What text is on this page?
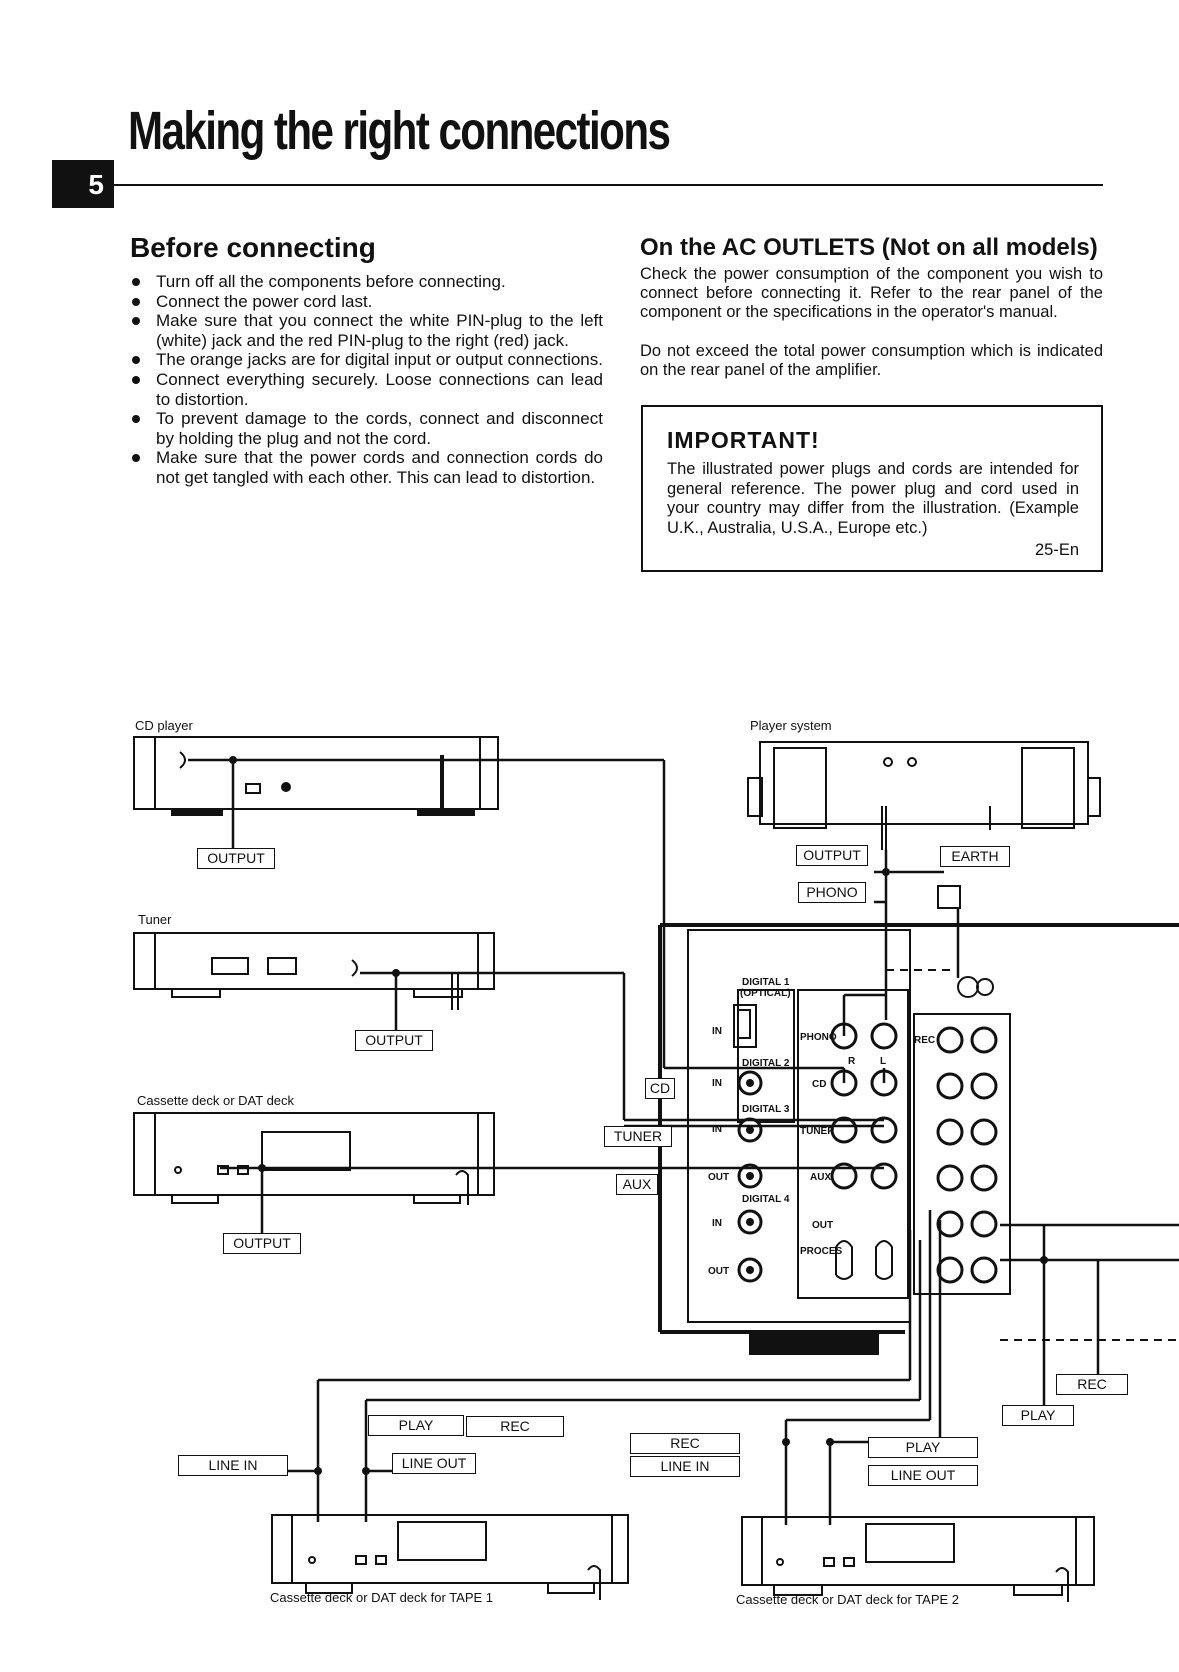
Making the right connections
5
Before connecting
Turn off all the components before connecting.
Connect the power cord last.
Make sure that you connect the white PIN-plug to the left (white) jack and the red PIN-plug to the right (red) jack.
The orange jacks are for digital input or output connections.
Connect everything securely. Loose connections can lead to distortion.
To prevent damage to the cords, connect and disconnect by holding the plug and not the cord.
Make sure that the power cords and connection cords do not get tangled with each other. This can lead to distortion.
On the AC OUTLETS (Not on all models)
Check the power consumption of the component you wish to connect before connecting it. Refer to the rear panel of the component or the specifications in the operator's manual.
Do not exceed the total power consumption which is indicated on the rear panel of the amplifier.
IMPORTANT!
The illustrated power plugs and cords are intended for general reference. The power plug and cord used in your country may differ from the illustration. (Example U.K., Australia, U.S.A., Europe etc.)
25-En
CD player	Player system
Tuner
Cassette deck or DAT deck
Cassette deck or DAT deck for TAPE 1	Cassette deck or DAT deck for TAPE 2
DIGITAL 1
(OPTICAL)
DIGITAL 2
DIGITAL 3
DIGITAL 4
IN
IN
IN
OUT
IN
OUT
PHONO
CD
TUNER
AUX
OUT
PROCES
REC
R L
OUTPUT
OUTPUT
OUTPUT
OUTPUT	EARTH
PHONO
CD
TUNER
AUX
PLAY	REC
LINE IN	LINE OUT
REC
LINE IN
PLAY
LINE OUT
REC
PLAY
